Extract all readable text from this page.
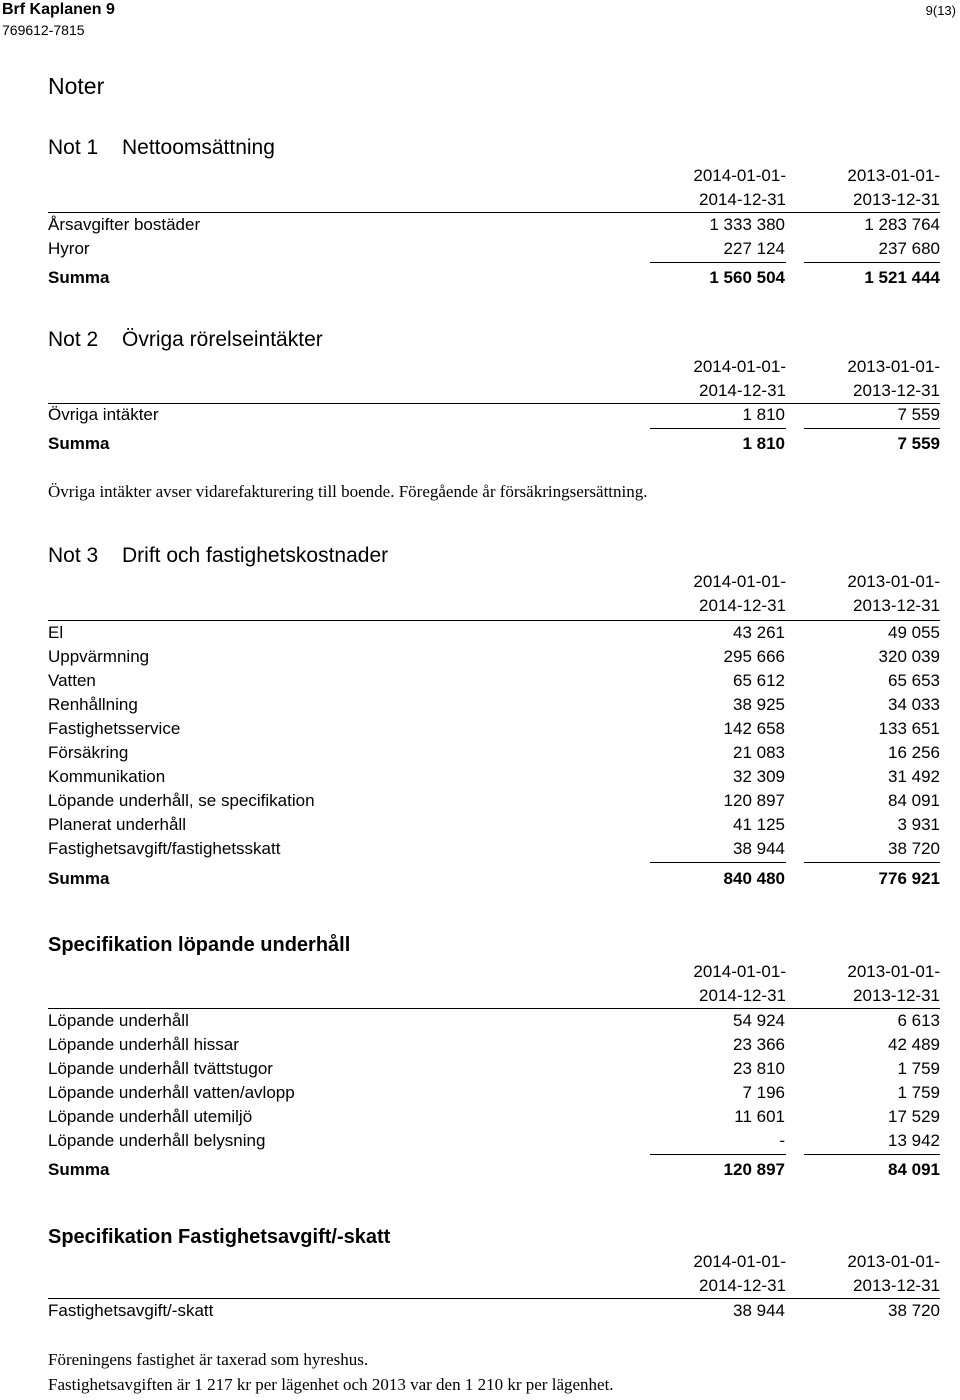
Brf Kaplanen 9
769612-7815
9(13)
Noter
Not 1 Nettoomsättning
2014-01-01-
2014-12-31
2013-01-01-
2013-12-31
Årsavgifter bostäder	1 333 380	1 283 764
Hyror	227 124	237 680
Summa	1 560 504	1 521 444
Not 2 Övriga rörelseintäkter
2014-01-01-
2014-12-31
2013-01-01-
2013-12-31
Övriga intäkter	1 810	7 559
Summa	1 810	7 559
Övriga intäkter avser vidarefakturering till boende. Föregående år försäkringsersättning.
Not 3 Drift och fastighetskostnader
2014-01-01-
2014-12-31
2013-01-01-
2013-12-31
El	43 261	49 055
Uppvärmning	295 666	320 039
Vatten	65 612	65 653
Renhållning	38 925	34 033
Fastighetsservice	142 658	133 651
Försäkring	21 083	16 256
Kommunikation	32 309	31 492
Löpande underhåll, se specifikation	120 897	84 091
Planerat underhåll	41 125	3 931
Fastighetsavgift/fastighetsskatt	38 944	38 720
Summa	840 480	776 921
Specifikation löpande underhåll
2014-01-01-
2014-12-31
2013-01-01-
2013-12-31
Löpande underhåll	54 924	6 613
Löpande underhåll hissar	23 366	42 489
Löpande underhåll tvättstugor	23 810	1 759
Löpande underhåll vatten/avlopp	7 196	1 759
Löpande underhåll utemiljö	11 601	17 529
Löpande underhåll belysning	-	13 942
Summa	120 897	84 091
Specifikation Fastighetsavgift/-skatt
2014-01-01-
2014-12-31
2013-01-01-
2013-12-31
Fastighetsavgift/-skatt	38 944	38 720
Föreningens fastighet är taxerad som hyreshus.
Fastighetsavgiften är 1 217 kr per lägenhet och 2013 var den 1 210 kr per lägenhet.
